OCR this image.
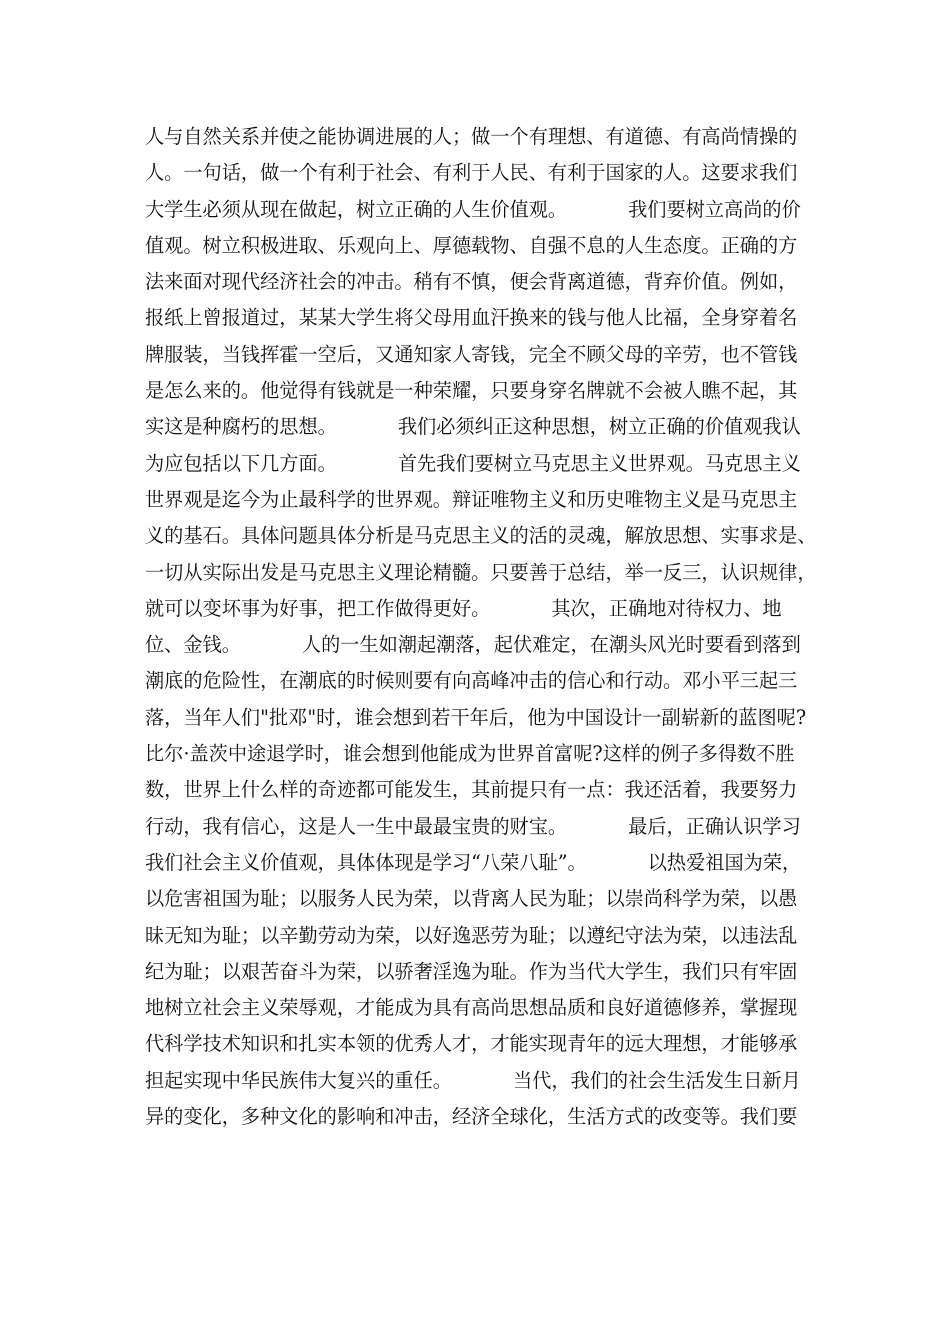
人与自然关系并使之能协调进展的人；做一个有理想、有道德、有高尚情操的
人。一句话，做一个有利于社会、有利于人民、有利于国家的人。这要求我们
大学生必须从现在做起，树立正确的人生价值观。          我们要树立高尚的价
值观。树立积极进取、乐观向上、厚德载物、自强不息的人生态度。正确的方
法来面对现代经济社会的冲击。稍有不慎，便会背离道德，背弃价值。例如，
报纸上曾报道过，某某大学生将父母用血汗换来的钱与他人比福，全身穿着名
牌服装，当钱挥霍一空后，又通知家人寄钱，完全不顾父母的辛劳，也不管钱
是怎么来的。他觉得有钱就是一种荣耀，只要身穿名牌就不会被人瞧不起，其
实这是种腐朽的思想。          我们必须纠正这种思想，树立正确的价值观我认
为应包括以下几方面。          首先我们要树立马克思主义世界观。马克思主义
世界观是迄今为止最科学的世界观。辩证唯物主义和历史唯物主义是马克思主
义的基石。具体问题具体分析是马克思主义的活的灵魂，解放思想、实事求是、
一切从实际出发是马克思主义理论精髓。只要善于总结，举一反三，认识规律，
就可以变坏事为好事，把工作做得更好。          其次，正确地对待权力、地
位、金钱。          人的一生如潮起潮落，起伏难定，在潮头风光时要看到落到
潮底的危险性，在潮底的时候则要有向高峰冲击的信心和行动。邓小平三起三
落，当年人们"批邓"时，谁会想到若干年后，他为中国设计一副崭新的蓝图呢?
比尔·盖茨中途退学时，谁会想到他能成为世界首富呢?这样的例子多得数不胜
数，世界上什么样的奇迹都可能发生，其前提只有一点：我还活着，我要努力
行动，我有信心，这是人一生中最最宝贵的财宝。          最后，正确认识学习
我们社会主义价值观，具体体现是学习“八荣八耻”。          以热爱祖国为荣，
以危害祖国为耻；以服务人民为荣，以背离人民为耻；以崇尚科学为荣，以愚
昧无知为耻；以辛勤劳动为荣，以好逸恶劳为耻；以遵纪守法为荣，以违法乱
纪为耻；以艰苦奋斗为荣，以骄奢淫逸为耻。作为当代大学生，我们只有牢固
地树立社会主义荣辱观，才能成为具有高尚思想品质和良好道德修养，掌握现
代科学技术知识和扎实本领的优秀人才，才能实现青年的远大理想，才能够承
担起实现中华民族伟大复兴的重任。          当代，我们的社会生活发生日新月
异的变化，多种文化的影响和冲击，经济全球化，生活方式的改变等。我们要
